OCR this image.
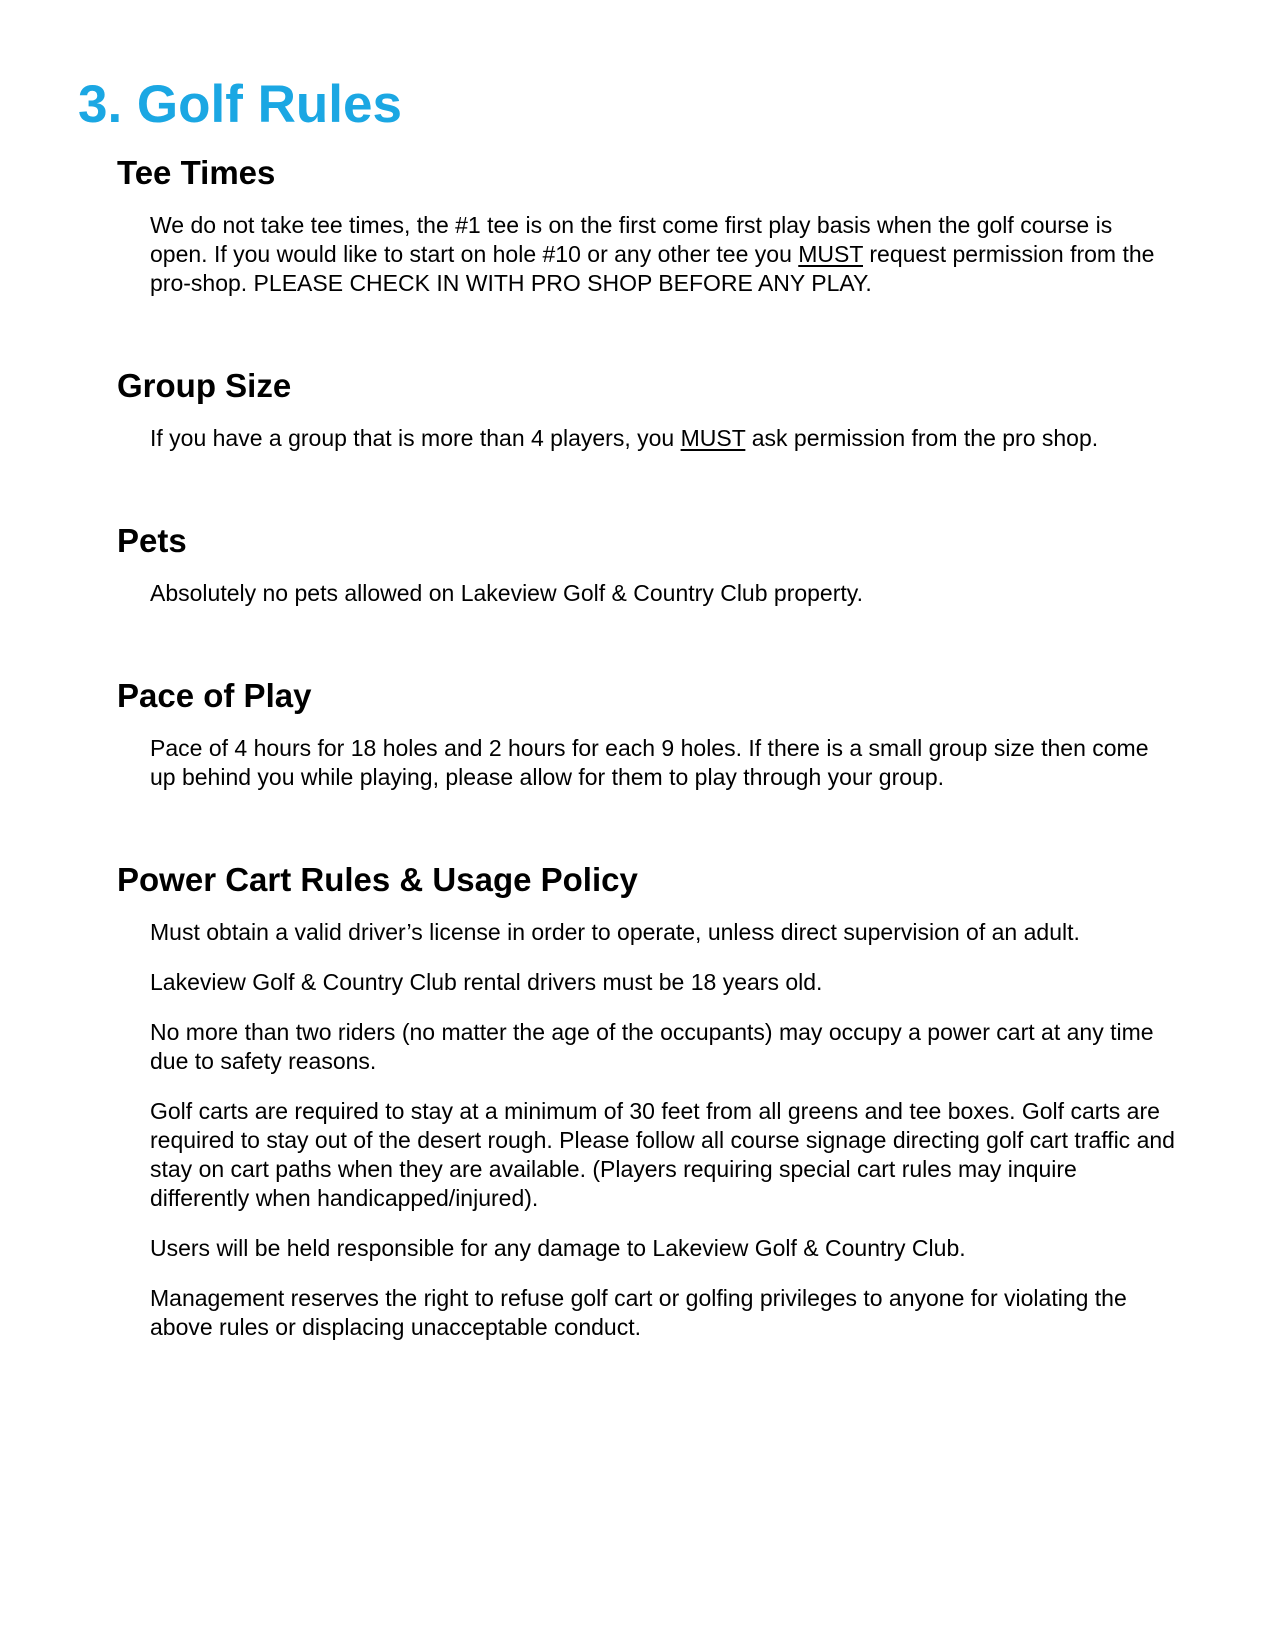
3. Golf Rules
Tee Times

We do not take tee times, the #1 tee is on the first come first play basis when the golf course is open. If you would like to start on hole #10 or any other tee you MUST request permission from the pro-shop. PLEASE CHECK IN WITH PRO SHOP BEFORE ANY PLAY.

Group Size

If you have a group that is more than 4 players, you MUST ask permission from the pro shop.

Pets

Absolutely no pets allowed on Lakeview Golf & Country Club property.

Pace of Play

Pace of 4 hours for 18 holes and 2 hours for each 9 holes. If there is a small group size then come up behind you while playing, please allow for them to play through your group.

Power Cart Rules & Usage Policy

Must obtain a valid driver’s license in order to operate, unless direct supervision of an adult.

Lakeview Golf & Country Club rental drivers must be 18 years old.

No more than two riders (no matter the age of the occupants) may occupy a power cart at any time due to safety reasons.

Golf carts are required to stay at a minimum of 30 feet from all greens and tee boxes. Golf carts are required to stay out of the desert rough. Please follow all course signage directing golf cart traffic and stay on cart paths when they are available. (Players requiring special cart rules may inquire differently when handicapped/injured).

Users will be held responsible for any damage to Lakeview Golf & Country Club.

Management reserves the right to refuse golf cart or golfing privileges to anyone for violating the above rules or displacing unacceptable conduct.
